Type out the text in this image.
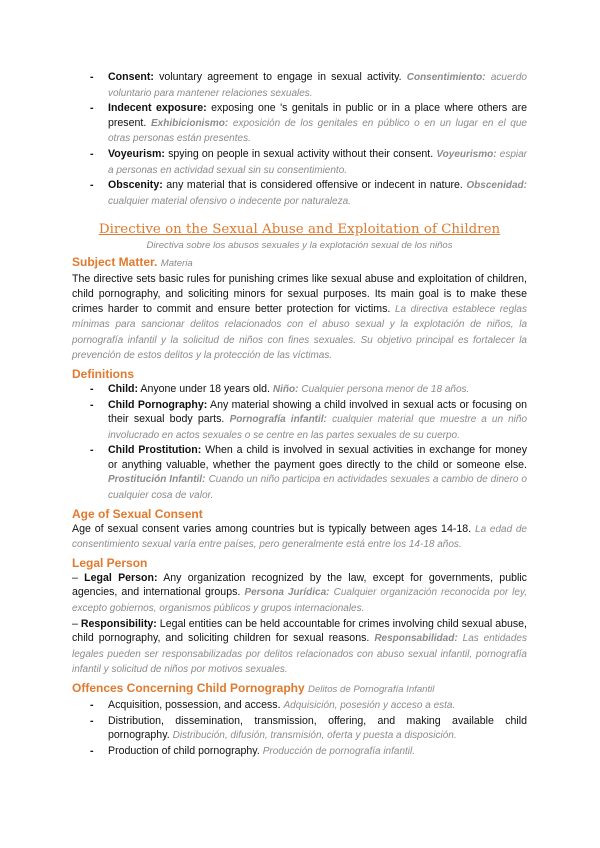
- Consent: voluntary agreement to engage in sexual activity. Consentimiento: acuerdo voluntario para mantener relaciones sexuales.
- Indecent exposure: exposing one 's genitals in public or in a place where others are present. Exhibicionismo: exposición de los genitales en público o en un lugar en el que otras personas están presentes.
- Voyeurism: spying on people in sexual activity without their consent. Voyeurismo: espiar a personas en actividad sexual sin su consentimiento.
- Obscenity: any material that is considered offensive or indecent in nature. Obscenidad: cualquier material ofensivo o indecente por naturaleza.
Directive on the Sexual Abuse and Exploitation of Children
Directiva sobre los abusos sexuales y la explotación sexual de los niños
Subject Matter. Materia

The directive sets basic rules for punishing crimes like sexual abuse and exploitation of children, child pornography, and soliciting minors for sexual purposes. Its main goal is to make these crimes harder to commit and ensure better protection for victims. La directiva establece reglas mínimas para sancionar delitos relacionados con el abuso sexual y la explotación de niños, la pornografía infantil y la solicitud de niños con fines sexuales. Su objetivo principal es fortalecer la prevención de estos delitos y la protección de las víctimas.

Definitions
- Child: Anyone under 18 years old. Niño: Cualquier persona menor de 18 años.
- Child Pornography: Any material showing a child involved in sexual acts or focusing on their sexual body parts. Pornografía infantil: cualquier material que muestre a un niño involucrado en actos sexuales o se centre en las partes sexuales de su cuerpo.
- Child Prostitution: When a child is involved in sexual activities in exchange for money or anything valuable, whether the payment goes directly to the child or someone else. Prostitución Infantil: Cuando un niño participa en actividades sexuales a cambio de dinero o cualquier cosa de valor.
Age of Sexual Consent

Age of sexual consent varies among countries but is typically between ages 14-18. La edad de consentimiento sexual varía entre países, pero generalmente está entre los 14-18 años.

Legal Person

– Legal Person: Any organization recognized by the law, except for governments, public agencies, and international groups. Persona Jurídica: Cualquier organización reconocida por ley, excepto gobiernos, organismos públicos y grupos internacionales.

– Responsibility: Legal entities can be held accountable for crimes involving child sexual abuse, child pornography, and soliciting children for sexual reasons. Responsabilidad: Las entidades legales pueden ser responsabilizadas por delitos relacionados con abuso sexual infantil, pornografía infantil y solicitud de niños por motivos sexuales.

Offences Concerning Child Pornography Delitos de Pornografía Infantil
- Acquisition, possession, and access. Adquisición, posesión y acceso a esta.
- Distribution, dissemination, transmission, offering, and making available child pornography. Distribución, difusión, transmisión, oferta y puesta a disposición.
- Production of child pornography. Producción de pornografía infantil.
